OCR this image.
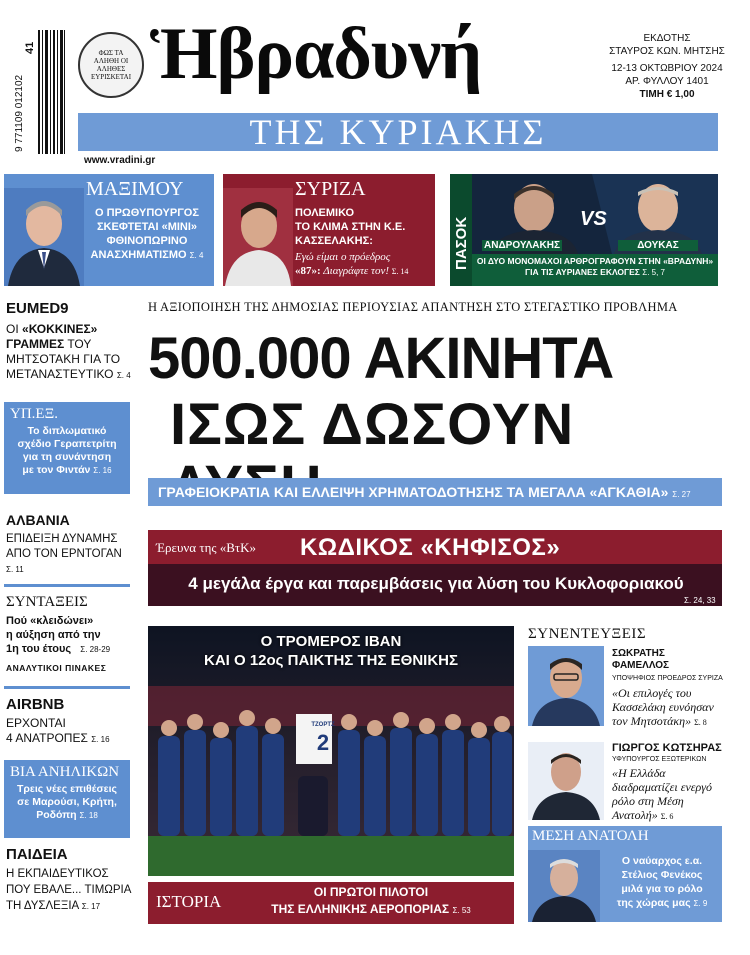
9 771109 012102
41	ΦΩΣ ΤΑ ΑΛΗΘΗ ΟΙ ΑΛΗΘΕΣ ΕΥΡΙΣΚΕΤΑΙ Ἡβραδυνή	ΕΚΔΟΤΗΣ
ΣΤΑΥΡΟΣ ΚΩΝ. ΜΗΤΣΗΣ
12-13 ΟΚΤΩΒΡΙΟΥ 2024
ΑΡ. ΦΥΛΛΟΥ 1401
ΤΙΜΗ € 1,00
ΤΗΣ ΚΥΡΙΑΚΗΣ
www.vradini.gr
ΜΑΞΙΜΟΥ
Ο ΠΡΩΘΥΠΟΥΡΓΟΣ
ΣΚΕΦΤΕΤΑΙ «ΜΙΝΙ»
ΦΘΙΝΟΠΩΡΙΝΟ
ΑΝΑΣΧΗΜΑΤΙΣΜΟ Σ. 4
ΣΥΡΙΖΑ
ΠΟΛΕΜΙΚΟ
ΤΟ ΚΛΙΜΑ ΣΤΗΝ Κ.Ε.
ΚΑΣΣΕΛΑΚΗΣ:
Εγώ είμαι ο πρόεδρος
«87»: Διαγράφτε τον! Σ. 14
ΠΑΣΟΚ	VS
ΑΝΔΡΟΥΛΑΚΗΣ	ΔΟΥΚΑΣ
ΟΙ ΔΥΟ ΜΟΝΟΜΑΧΟΙ ΑΡΘΡΟΓΡΑΦΟΥΝ ΣΤΗΝ «ΒΡΑΔΥΝΗ»
ΓΙΑ ΤΙΣ ΑΥΡΙΑΝΕΣ ΕΚΛΟΓΕΣ Σ. 5, 7
EUMED9
ΟΙ «ΚΟΚΚΙΝΕΣ»
ΓΡΑΜΜΕΣ ΤΟΥ
ΜΗΤΣΟΤΑΚΗ ΓΙΑ ΤΟ
ΜΕΤΑΝΑΣΤΕΥΤΙΚΟ Σ. 4
ΥΠ.ΕΞ.
Το διπλωματικό
σχέδιο Γεραπετρίτη
για τη συνάντηση
με τον Φιντάν Σ. 16
ΑΛΒΑΝΙΑ
ΕΠΙΔΕΙΞΗ ΔΥΝΑΜΗΣ
ΑΠΟ ΤΟΝ ΕΡΝΤΟΓΑΝ
Σ. 11
ΣΥΝΤΑΞΕΙΣ
Πού «κλειδώνει»
η αύξηση από την
1η του έτους Σ. 28-29
ΑΝΑΛΥΤΙΚΟΙ ΠΙΝΑΚΕΣ
AIRBNB
ΕΡΧΟΝΤΑΙ
4 ΑΝΑΤΡΟΠΕΣ Σ. 16
ΒΙΑ ΑΝΗΛΙΚΩΝ
Τρεις νέες επιθέσεις
σε Μαρούσι, Κρήτη,
Ροδόπη Σ. 18
ΠΑΙΔΕΙΑ
Η ΕΚΠΑΙΔΕΥΤΙΚΟΣ
ΠΟΥ ΕΒΑΛΕ... ΤΙΜΩΡΙΑ
ΤΗ ΔΥΣΛΕΞΙΑ Σ. 17
Η ΑΞΙΟΠΟΙΗΣΗ ΤΗΣ ΔΗΜΟΣΙΑΣ ΠΕΡΙΟΥΣΙΑΣ ΑΠΑΝΤΗΣΗ ΣΤΟ ΣΤΕΓΑΣΤΙΚΟ ΠΡΟΒΛΗΜΑ
500.000 ΑΚΙΝΗΤΑ
ΙΣΩΣ ΔΩΣΟΥΝ
ΓΡΑΦΕΙΟΚΡΑΤΙΑ ΚΑΙ ΕΛΛΕΙΨΗ ΧΡΗΜΑΤΟΔΟΤΗΣΗΣ ΤΑ ΜΕΓΑΛΑ «ΑΓΚΑΘΙΑ» Σ. 27
Έρευνα της «ΒτΚ» ΚΩΔΙΚΟΣ «ΚΗΦΙΣΟΣ»
4 μεγάλα έργα και παρεμβάσεις για λύση του Κυκλοφοριακού
Σ. 24, 33
ΤΖΟΡΤΖ
2
Ο ΤΡΟΜΕΡΟΣ ΙΒΑΝ
ΚΑΙ Ο 12ος ΠΑΙΚΤΗΣ ΤΗΣ ΕΘΝΙΚΗΣ
ΙΣΤΟΡΙΑ	ΟΙ ΠΡΩΤΟΙ ΠΙΛΟΤΟΙ
ΤΗΣ ΕΛΛΗΝΙΚΗΣ ΑΕΡΟΠΟΡΙΑΣ Σ. 53
ΣΥΝΕΝΤΕΥΞΕΙΣ
ΣΩΚΡΑΤΗΣ
ΦΑΜΕΛΛΟΣ
ΥΠΟΨΗΦΙΟΣ ΠΡΟΕΔΡΟΣ ΣΥΡΙΖΑ
«Οι επιλογές του
Κασσελάκη ευνόησαν
τον Μητσοτάκη» Σ. 8
ΓΙΩΡΓΟΣ ΚΩΤΣΗΡΑΣ
ΥΦΥΠΟΥΡΓΟΣ ΕΞΩΤΕΡΙΚΩΝ
«Η Ελλάδα
διαδραματίζει ενεργό
ρόλο στη Μέση
Ανατολή» Σ. 6
ΜΕΣΗ ΑΝΑΤΟΛΗ
Ο ναύαρχος ε.α.
Στέλιος Φενέκος
μιλά για το ρόλο
της χώρας μας Σ. 9
